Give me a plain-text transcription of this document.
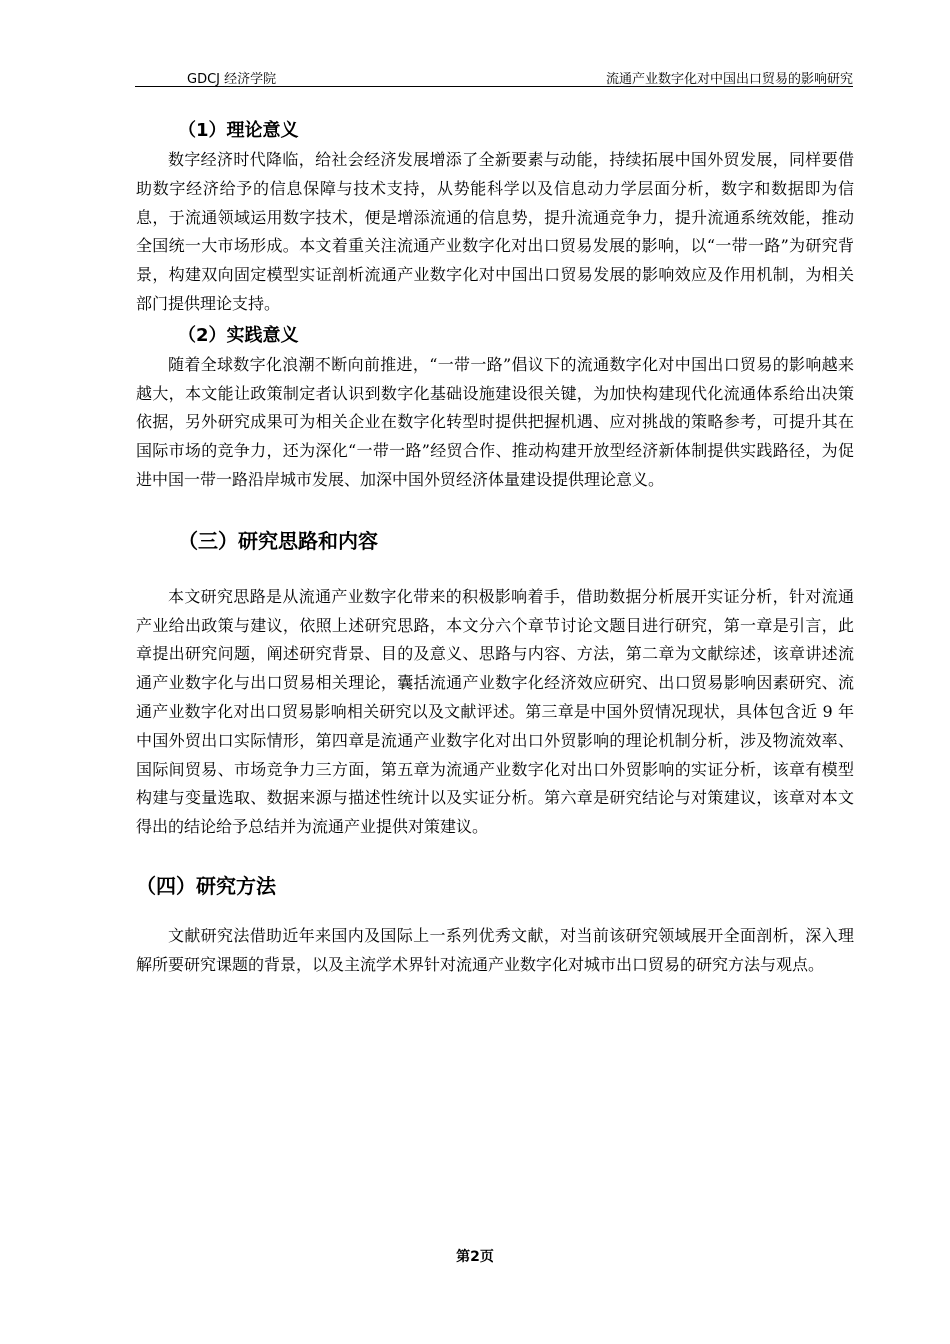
GDCJ 经济学院	流通产业数字化对中国出口贸易的影响研究
（1）理论意义

数字经济时代降临，给社会经济发展增添了全新要素与动能，持续拓展中国外贸发展，同样要借助数字经济给予的信息保障与技术支持，从势能科学以及信息动力学层面分析，数字和数据即为信息，于流通领域运用数字技术，便是增添流通的信息势，提升流通竞争力，提升流通系统效能，推动全国统一大市场形成。本文着重关注流通产业数字化对出口贸易发展的影响，以“一带一路”为研究背景，构建双向固定模型实证剖析流通产业数字化对中国出口贸易发展的影响效应及作用机制，为相关部门提供理论支持。

（2）实践意义

随着全球数字化浪潮不断向前推进，“一带一路”倡议下的流通数字化对中国出口贸易的影响越来越大，本文能让政策制定者认识到数字化基础设施建设很关键，为加快构建现代化流通体系给出决策依据，另外研究成果可为相关企业在数字化转型时提供把握机遇、应对挑战的策略参考，可提升其在国际市场的竞争力，还为深化“一带一路”经贸合作、推动构建开放型经济新体制提供实践路径，为促进中国一带一路沿岸城市发展、加深中国外贸经济体量建设提供理论意义。

（三）研究思路和内容

本文研究思路是从流通产业数字化带来的积极影响着手，借助数据分析展开实证分析，针对流通产业给出政策与建议，依照上述研究思路，本文分六个章节讨论文题目进行研究，第一章是引言，此章提出研究问题，阐述研究背景、目的及意义、思路与内容、方法，第二章为文献综述，该章讲述流通产业数字化与出口贸易相关理论，囊括流通产业数字化经济效应研究、出口贸易影响因素研究、流通产业数字化对出口贸易影响相关研究以及文献评述。第三章是中国外贸情况现状，具体包含近 9 年中国外贸出口实际情形，第四章是流通产业数字化对出口外贸影响的理论机制分析，涉及物流效率、国际间贸易、市场竞争力三方面，第五章为流通产业数字化对出口外贸影响的实证分析，该章有模型构建与变量选取、数据来源与描述性统计以及实证分析。第六章是研究结论与对策建议，该章对本文得出的结论给予总结并为流通产业提供对策建议。

（四）研究方法

文献研究法借助近年来国内及国际上一系列优秀文献，对当前该研究领域展开全面剖析，深入理解所要研究课题的背景，以及主流学术界针对流通产业数字化对城市出口贸易的研究方法与观点。

第2页
